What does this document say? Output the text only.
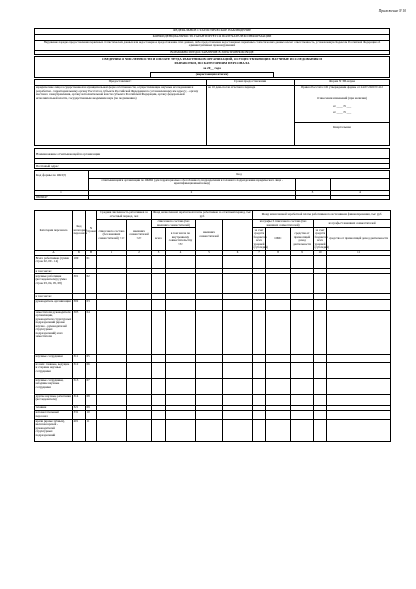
Приложение N 10
ФЕДЕРАЛЬНОЕ СТАТИСТИЧЕСКОЕ НАБЛЮДЕНИЕ
КОНФИДЕНЦИАЛЬНОСТЬ ГАРАНТИРУЕТСЯ ПОЛУЧАТЕЛЕМ ИНФОРМАЦИИ
Нарушение порядка предоставления первичных статистических данных или недостоверное предоставление этих данных, либо предоставление недостоверных первичных статистических данных влечет ответственность, установленную Кодексом Российской Федерации об административных правонарушениях
ВОЗМОЖНО ПРЕДОСТАВЛЕНИЕ В ЭЛЕКТРОННОМ ВИДЕ
СВЕДЕНИЯ О ЧИСЛЕННОСТИ И ОПЛАТЕ ТРУДА РАБОТНИКОВ ОРГАНИЗАЦИЙ, ОСУЩЕСТВЛЯЮЩИХ НАУЧНЫЕ ИССЛЕДОВАНИЯ И
РАЗРАБОТКИ, ПО КАТЕГОРИЯМ ПЕРСОНАЛА
за 20__ года
(нарастающим итогом)
Предоставляют:
юридические лица государственной и муниципальной форм собственности, осуществляющие научные исследования и разработки - территориальному органу Росстата в субъекте Российской Федерации по установленному им адресу; - органу местного самоуправления, органу исполнительной власти субъекта Российской Федерации, органу федеральной исполнительной власти, государственным академиям наук (по подчинению)
Сроки предоставления
не 10 день после отчетного периода
Форма N ЗП-наука
Приказ Росстата: Об утверждении формы от 24.07.2020 N 412
О внесении изменений (при наличии)
от ____ N ___
от ____ N ___
Квартальная
Наименование отчитывающейся организации
Почтовый адрес
Код формы по ОКУД	Код
отчитывающейся организации по ОКПО (для территориально обособленного подразделения и головного подразделения юридического лица - идентификационный номер)
1	2	3	4
0606047
Категория персонала	Код категории персонала	N строки	Средняя численность работников за отчетный период, чел		Фонд начисленной заработной платы работников за отчетный период, тыс руб				Фонд начисленной заработной платы работников по источникам финансирования, тыс руб				
			списочного состава (без внешних совместителей) <1>	внешних совместителей <2>	списочного состава (без внешних совместителей)		внешних совместителей		из графы 3 списочного состава (без внешних совместителей)			из графы 5 внешних совместителей	
					всего	в том числе по внутреннему совместительству <3>			за счет средств бюджетов всех уровней (субсидий)	ОМС	средства от приносящей доход деятельности	за счет средств бюджетов всех уровней (субсидий)	средства от приносящей доход деятельности

А	Б	В	1	2	3	4	5	6	7	8	9	10	11
Всего работников (сумма строк 02, 09 - 14)	100	01											
в том числе:													
научные работники (исследователи) (сумма строк 03, 04, 05, 08)	301	02											
в том числе:													
руководитель организации	302	03											
заместители руководителя организации, руководители структурных подразделений (кроме научно - руководителей структурных подразделений) и их заместители	303	04											
научные сотрудники	311	05											
из них: главные, ведущие и старшие научные сотрудники	312	06											
научные сотрудники, младшие научные сотрудники	313	07											
другие научные работники (исследователи)	314	08											
техники	321	09											
вспомогательный персонал	331	10											
врачи (кроме зубных), включая врачей - руководителей структурных подразделений	401	11											
